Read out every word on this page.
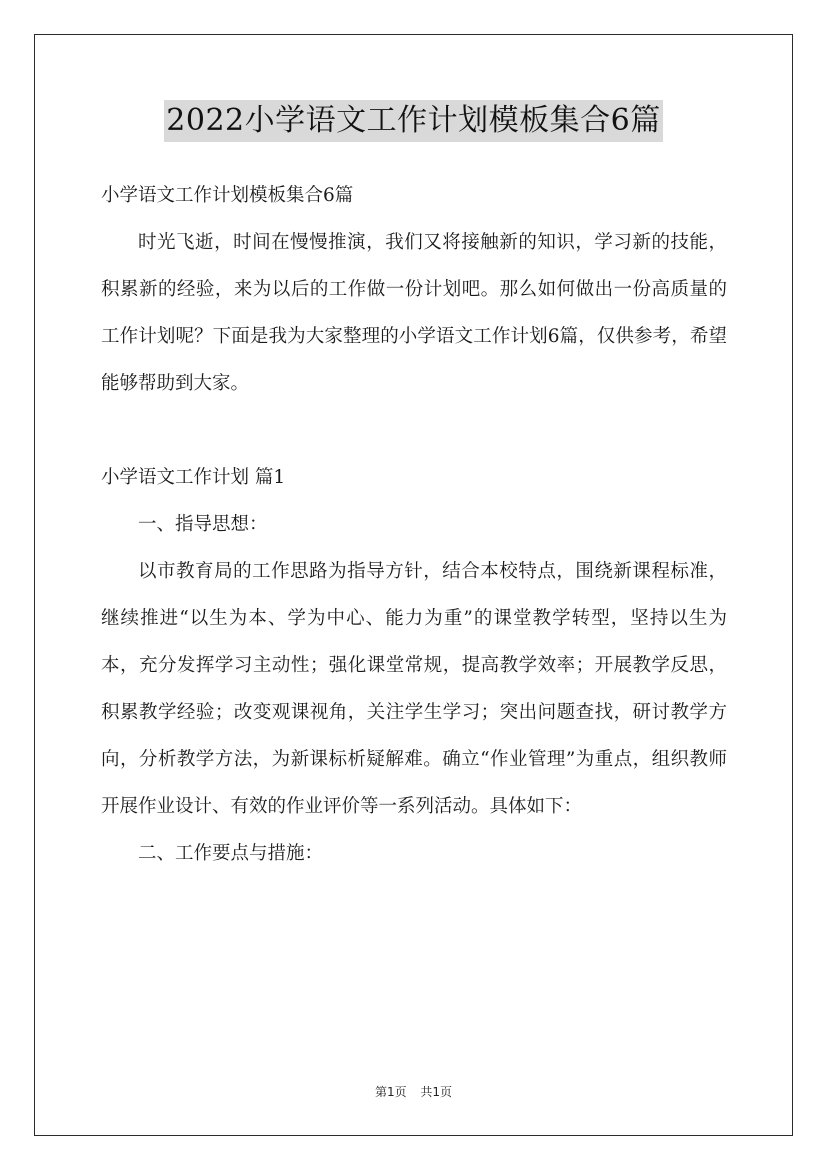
2022小学语文工作计划模板集合6篇

小学语文工作计划模板集合6篇

时光飞逝，时间在慢慢推演，我们又将接触新的知识，学习新的技能，积累新的经验，来为以后的工作做一份计划吧。那么如何做出一份高质量的工作计划呢？下面是我为大家整理的小学语文工作计划6篇，仅供参考，希望能够帮助到大家。

小学语文工作计划 篇1

一、指导思想：

以市教育局的工作思路为指导方针，结合本校特点，围绕新课程标准，继续推进“以生为本、学为中心、能力为重”的课堂教学转型，坚持以生为本，充分发挥学习主动性；强化课堂常规，提高教学效率；开展教学反思，积累教学经验；改变观课视角，关注学生学习；突出问题查找，研讨教学方向，分析教学方法，为新课标析疑解难。确立“作业管理”为重点，组织教师开展作业设计、有效的作业评价等一系列活动。具体如下：

二、工作要点与措施：

第1页 共1页
